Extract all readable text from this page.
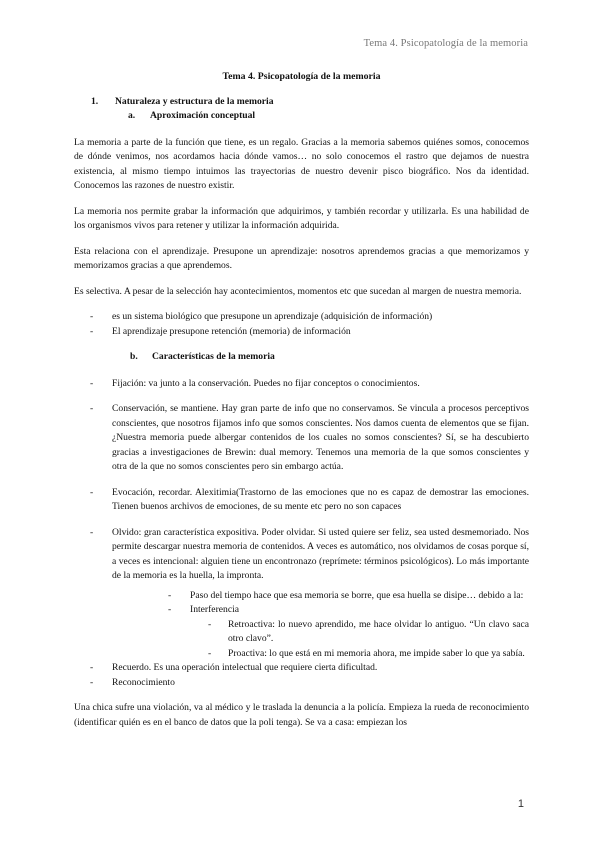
Tema 4. Psicopatología de la memoria
Tema 4. Psicopatología de la memoria
1. Naturaleza y estructura de la memoria
a. Aproximación conceptual

La memoria a parte de la función que tiene, es un regalo. Gracias a la memoria sabemos quiénes somos, conocemos de dónde venimos, nos acordamos hacia dónde vamos… no solo conocemos el rastro que dejamos de nuestra existencia, al mismo tiempo intuimos las trayectorias de nuestro devenir pisco biográfico. Nos da identidad. Conocemos las razones de nuestro existir.

La memoria nos permite grabar la información que adquirimos, y también recordar y utilizarla. Es una habilidad de los organismos vivos para retener y utilizar la información adquirida.

Esta relaciona con el aprendizaje. Presupone un aprendizaje: nosotros aprendemos gracias a que memorizamos y memorizamos gracias a que aprendemos.

Es selectiva. A pesar de la selección hay acontecimientos, momentos etc que sucedan al margen de nuestra memoria.

- es un sistema biológico que presupone un aprendizaje (adquisición de información)
- El aprendizaje presupone retención (memoria) de información
b. Características de la memoria
- Fijación: va junto a la conservación. Puedes no fijar conceptos o conocimientos.
- Conservación, se mantiene. Hay gran parte de info que no conservamos. Se vincula a procesos perceptivos conscientes, que nosotros fijamos info que somos conscientes. Nos damos cuenta de elementos que se fijan. ¿Nuestra memoria puede albergar contenidos de los cuales no somos conscientes? Sí, se ha descubierto gracias a investigaciones de Brewin: dual memory. Tenemos una memoria de la que somos conscientes y otra de la que no somos conscientes pero sin embargo actúa.
- Evocación, recordar. Alexitimia(Trastorno de las emociones que no es capaz de demostrar las emociones. Tienen buenos archivos de emociones, de su mente etc pero no son capaces
- Olvido: gran característica expositiva. Poder olvidar. Si usted quiere ser feliz, sea usted desmemoriado. Nos permite descargar nuestra memoria de contenidos. A veces es automático, nos olvidamos de cosas porque sí, a veces es intencional: alguien tiene un encontronazo (reprímete: términos psicológicos). Lo más importante de la memoria es la huella, la impronta.
- Paso del tiempo hace que esa memoria se borre, que esa huella se disipe… debido a la:
- Interferencia
- Retroactiva: lo nuevo aprendido, me hace olvidar lo antiguo. “Un clavo saca otro clavo”.
- Proactiva: lo que está en mi memoria ahora, me impide saber lo que ya sabía.
- Recuerdo. Es una operación intelectual que requiere cierta dificultad.
- Reconocimiento

Una chica sufre una violación, va al médico y le traslada la denuncia a la policía. Empieza la rueda de reconocimiento (identificar quién es en el banco de datos que la poli tenga). Se va a casa: empiezan los

1
